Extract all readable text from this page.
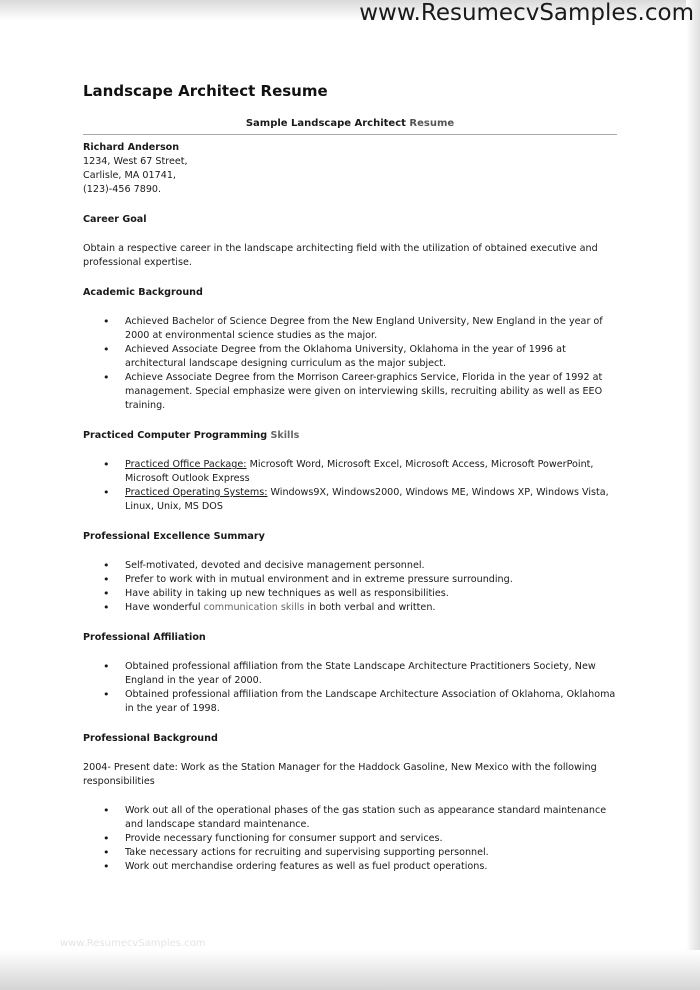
www.ResumecvSamples.com
www.ResumecvSamples.com
Landscape Architect Resume
Sample Landscape Architect Resume
Richard Anderson
1234, West 67 Street,
Carlisle, MA 01741,
(123)-456 7890.
Career Goal
Obtain a respective career in the landscape architecting field with the utilization of obtained executive and professional expertise.
Academic Background
• Achieved Bachelor of Science Degree from the New England University, New England in the year of 2000 at environmental science studies as the major.
• Achieved Associate Degree from the Oklahoma University, Oklahoma in the year of 1996 at architectural landscape designing curriculum as the major subject.
• Achieve Associate Degree from the Morrison Career-graphics Service, Florida in the year of 1992 at management. Special emphasize were given on interviewing skills, recruiting ability as well as EEO training.
Practiced Computer Programming Skills
• Practiced Office Package: Microsoft Word, Microsoft Excel, Microsoft Access, Microsoft PowerPoint, Microsoft Outlook Express
• Practiced Operating Systems: Windows9X, Windows2000, Windows ME, Windows XP, Windows Vista, Linux, Unix, MS DOS
Professional Excellence Summary
• Self-motivated, devoted and decisive management personnel.
• Prefer to work with in mutual environment and in extreme pressure surrounding.
• Have ability in taking up new techniques as well as responsibilities.
• Have wonderful communication skills in both verbal and written.
Professional Affiliation
• Obtained professional affiliation from the State Landscape Architecture Practitioners Society, New England in the year of 2000.
• Obtained professional affiliation from the Landscape Architecture Association of Oklahoma, Oklahoma in the year of 1998.
Professional Background
2004- Present date: Work as the Station Manager for the Haddock Gasoline, New Mexico with the following responsibilities
• Work out all of the operational phases of the gas station such as appearance standard maintenance and landscape standard maintenance.
• Provide necessary functioning for consumer support and services.
• Take necessary actions for recruiting and supervising supporting personnel.
• Work out merchandise ordering features as well as fuel product operations.
